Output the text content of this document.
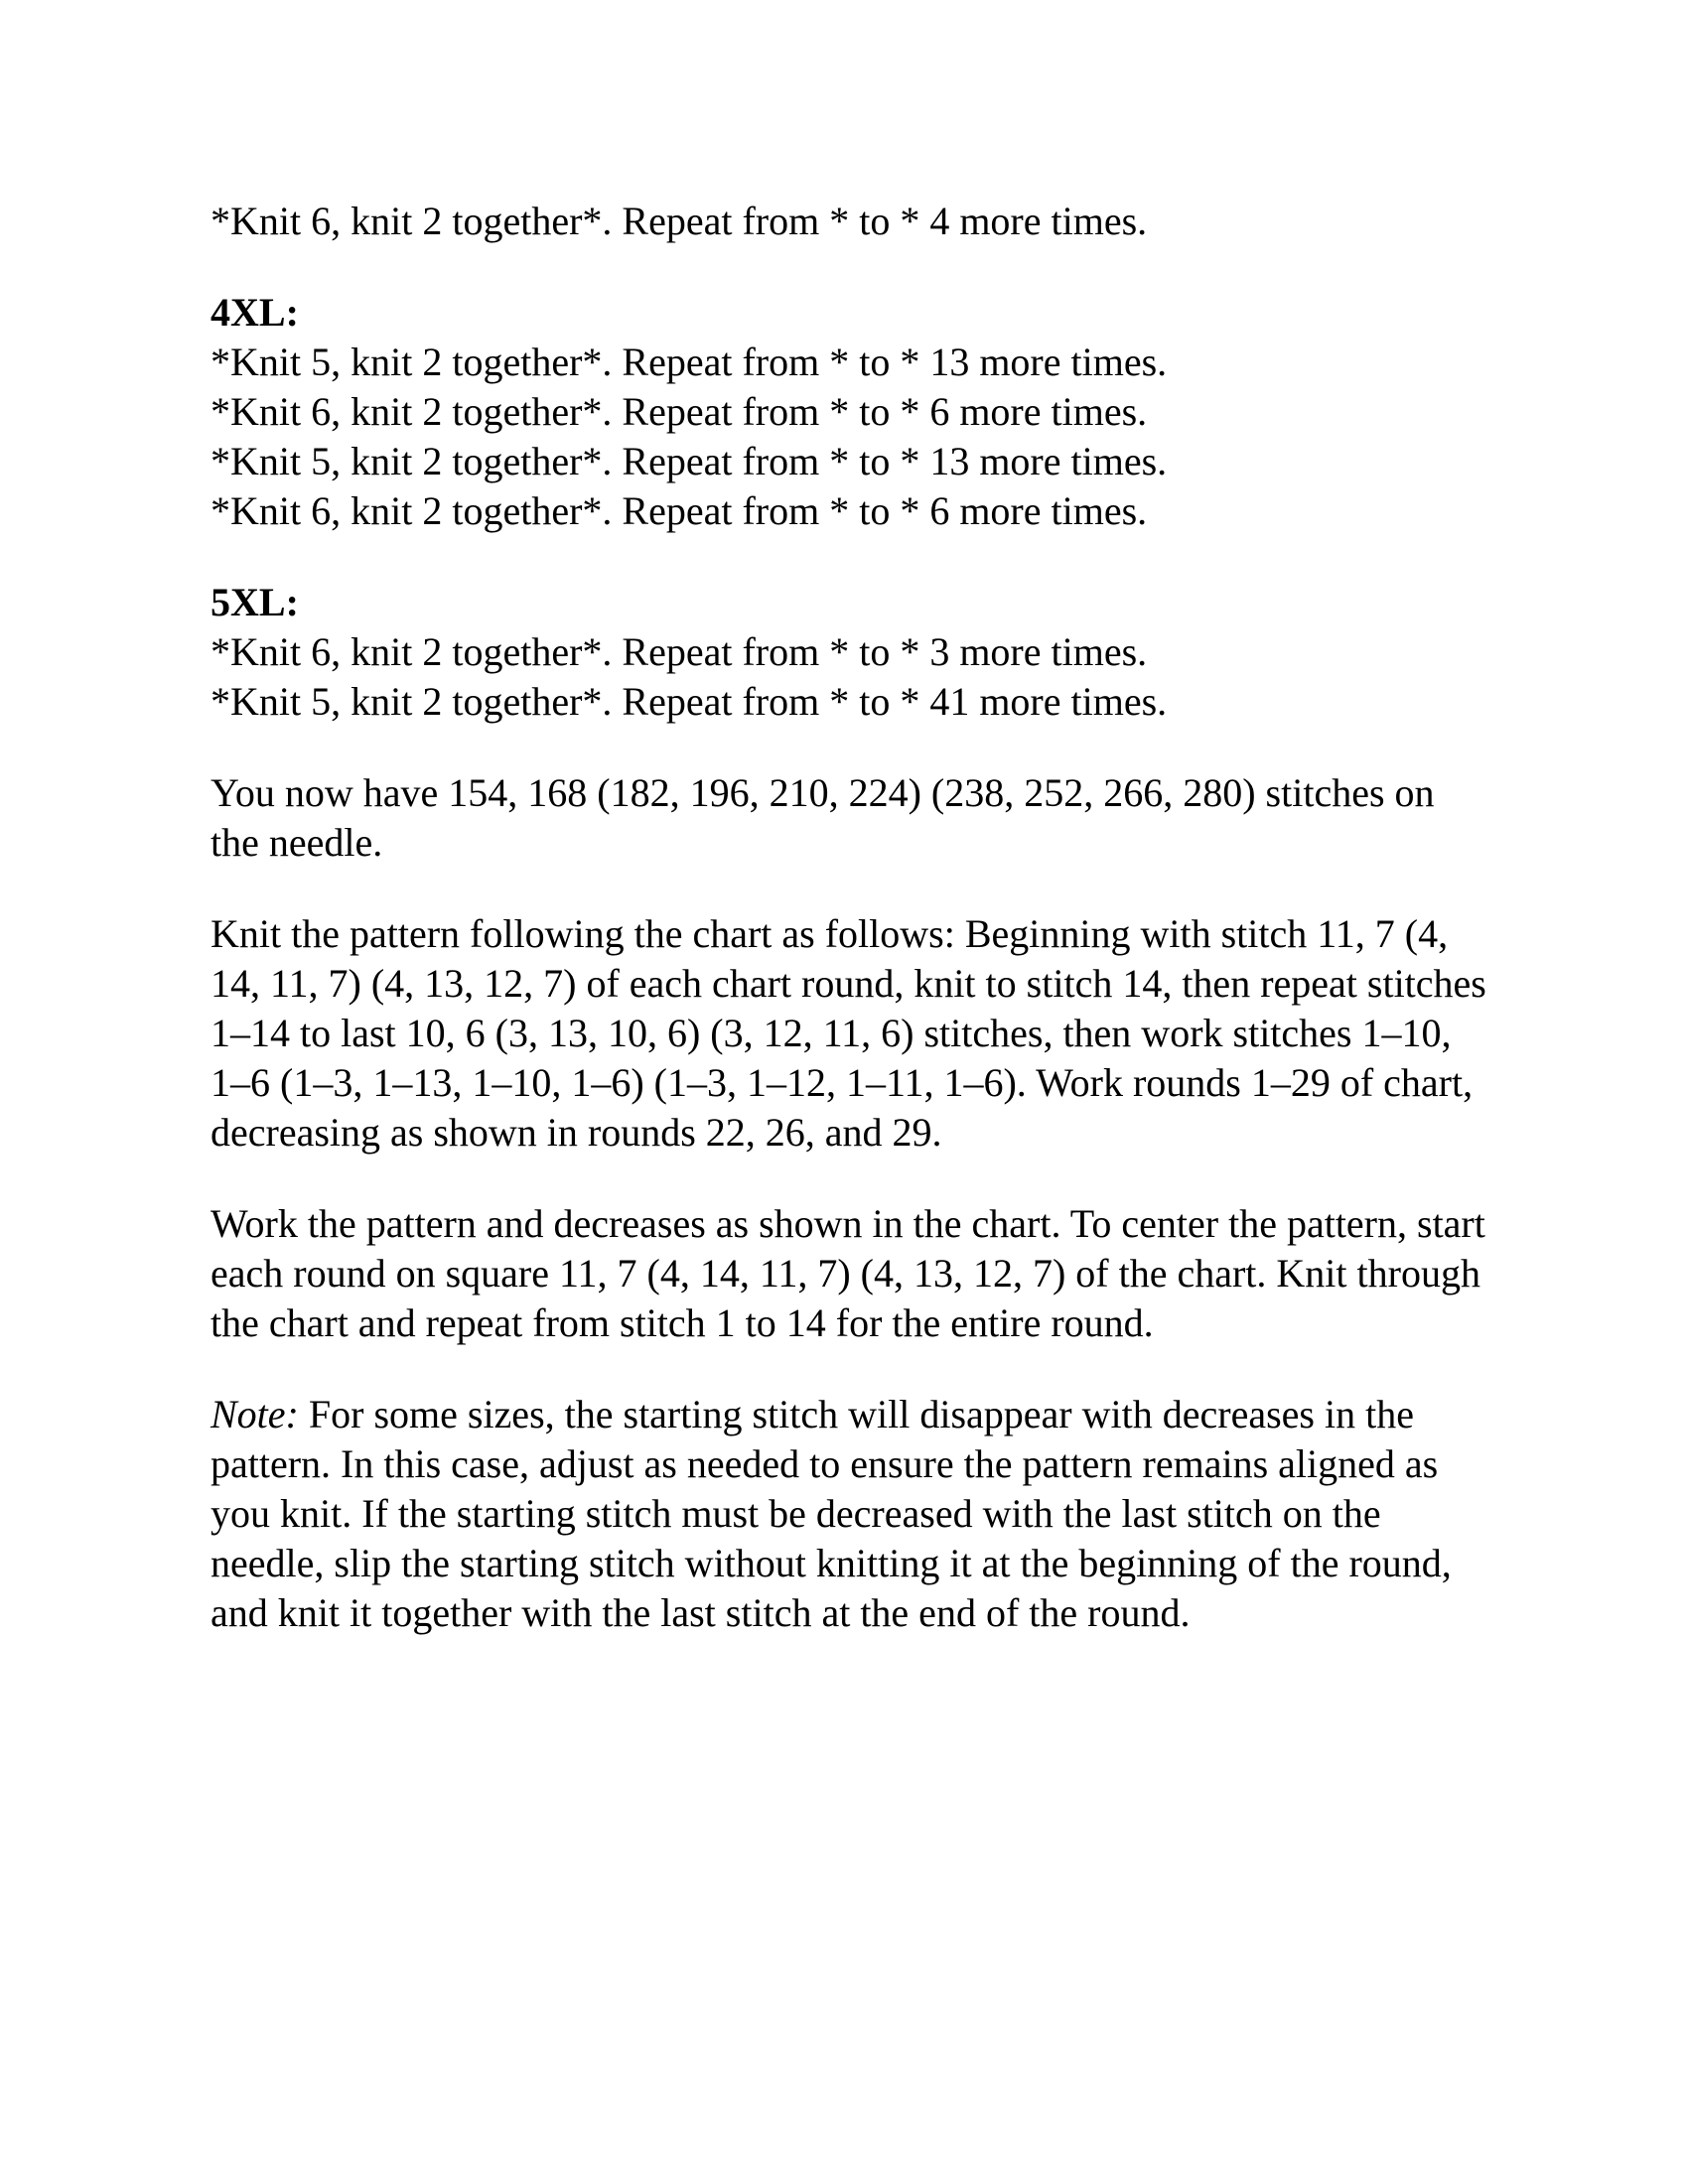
*Knit 6, knit 2 together*. Repeat from * to * 4 more times.

4XL:

*Knit 5, knit 2 together*. Repeat from * to * 13 more times.

*Knit 6, knit 2 together*. Repeat from * to * 6 more times.

*Knit 5, knit 2 together*. Repeat from * to * 13 more times.

*Knit 6, knit 2 together*. Repeat from * to * 6 more times.

5XL:

*Knit 6, knit 2 together*. Repeat from * to * 3 more times.

*Knit 5, knit 2 together*. Repeat from * to * 41 more times.

You now have 154, 168 (182, 196, 210, 224) (238, 252, 266, 280) stitches on the needle.

Knit the pattern following the chart as follows: Beginning with stitch 11, 7 (4, 14, 11, 7) (4, 13, 12, 7) of each chart round, knit to stitch 14, then repeat stitches 1–14 to last 10, 6 (3, 13, 10, 6) (3, 12, 11, 6) stitches, then work stitches 1–10, 1–6 (1–3, 1–13, 1–10, 1–6) (1–3, 1–12, 1–11, 1–6). Work rounds 1–29 of chart, decreasing as shown in rounds 22, 26, and 29.

Work the pattern and decreases as shown in the chart. To center the pattern, start each round on square 11, 7 (4, 14, 11, 7) (4, 13, 12, 7) of the chart. Knit through the chart and repeat from stitch 1 to 14 for the entire round.

Note: For some sizes, the starting stitch will disappear with decreases in the pattern. In this case, adjust as needed to ensure the pattern remains aligned as you knit. If the starting stitch must be decreased with the last stitch on the needle, slip the starting stitch without knitting it at the beginning of the round, and knit it together with the last stitch at the end of the round.
